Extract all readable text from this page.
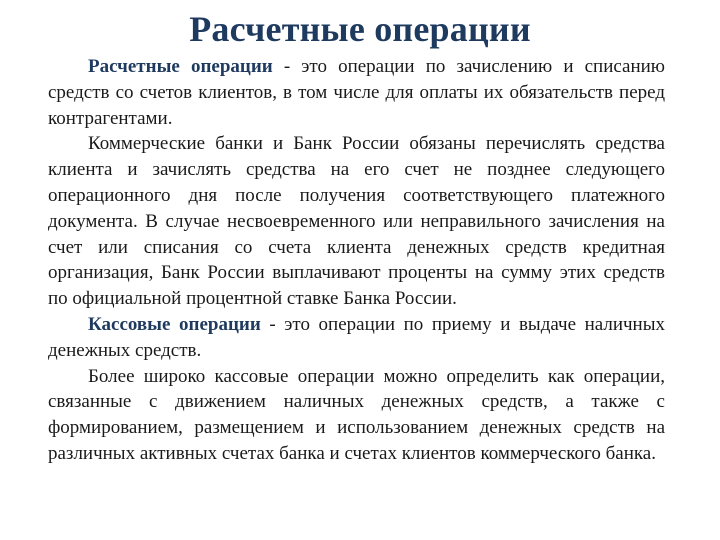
Расчетные операции

Расчетные операции - это операции по зачислению и списанию средств со счетов клиентов, в том числе для оплаты их обязательств перед контрагентами.

Коммерческие банки и Банк России обязаны перечислять средства клиента и зачислять средства на его счет не позднее следующего операционного дня после получения соответствующего платежного документа. В случае несвоевременного или неправильного зачисления на счет или списания со счета клиента денежных средств кредитная организация, Банк России выплачивают проценты на сумму этих средств по официальной процентной ставке Банка России.

Кассовые операции - это операции по приему и выдаче наличных денежных средств.

Более широко кассовые операции можно определить как операции, связанные с движением наличных денежных средств, а также с формированием, размещением и использованием денежных средств на различных активных счетах банка и счетах клиентов коммерческого банка.
